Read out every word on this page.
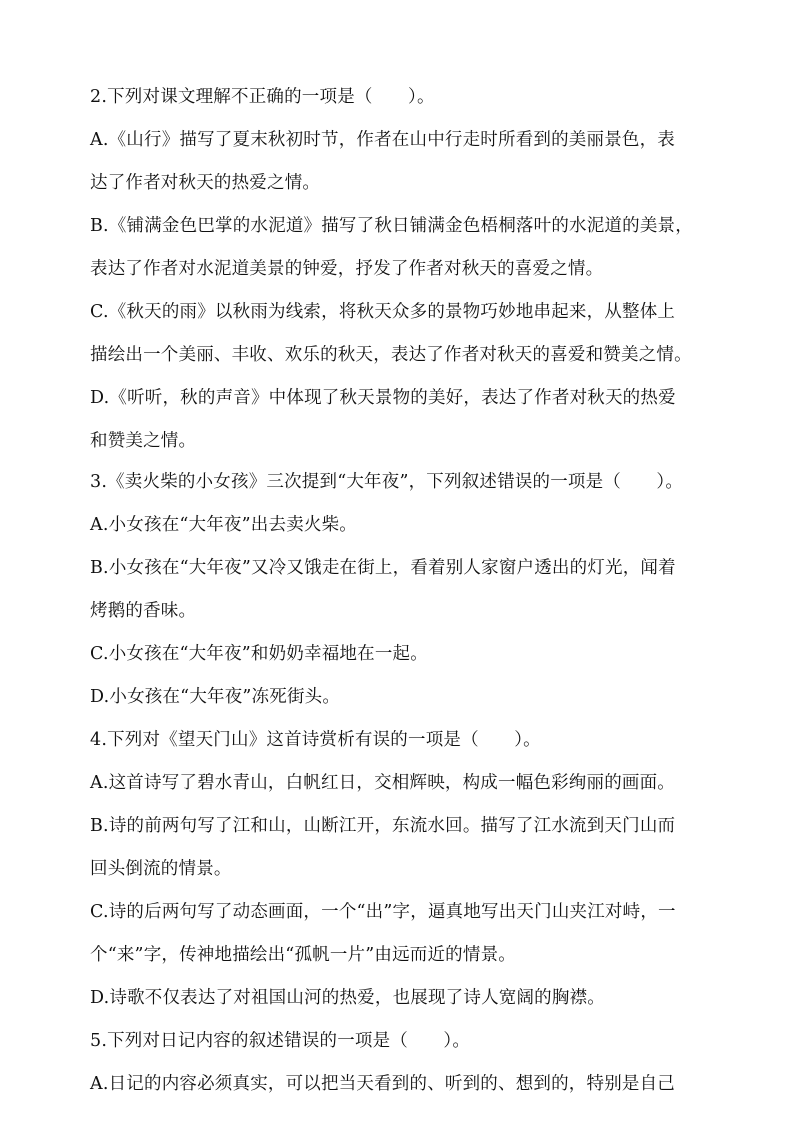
2.下列对课文理解不正确的一项是（　　）。
A.《山行》描写了夏末秋初时节，作者在山中行走时所看到的美丽景色，表
达了作者对秋天的热爱之情。
B.《铺满金色巴掌的水泥道》描写了秋日铺满金色梧桐落叶的水泥道的美景，
表达了作者对水泥道美景的钟爱，抒发了作者对秋天的喜爱之情。
C.《秋天的雨》以秋雨为线索，将秋天众多的景物巧妙地串起来，从整体上
描绘出一个美丽、丰收、欢乐的秋天，表达了作者对秋天的喜爱和赞美之情。
D.《听听，秋的声音》中体现了秋天景物的美好，表达了作者对秋天的热爱
和赞美之情。
3.《卖火柴的小女孩》三次提到“大年夜”，下列叙述错误的一项是（　　）。
A.小女孩在“大年夜”出去卖火柴。
B.小女孩在“大年夜”又冷又饿走在街上，看着别人家窗户透出的灯光，闻着
烤鹅的香味。
C.小女孩在“大年夜”和奶奶幸福地在一起。
D.小女孩在“大年夜”冻死街头。
4.下列对《望天门山》这首诗赏析有误的一项是（　　）。
A.这首诗写了碧水青山，白帆红日，交相辉映，构成一幅色彩绚丽的画面。
B.诗的前两句写了江和山，山断江开，东流水回。描写了江水流到天门山而
回头倒流的情景。
C.诗的后两句写了动态画面，一个“出”字，逼真地写出天门山夹江对峙，一
个“来”字，传神地描绘出“孤帆一片”由远而近的情景。
D.诗歌不仅表达了对祖国山河的热爱，也展现了诗人宽阔的胸襟。
5.下列对日记内容的叙述错误的一项是（　　）。
A.日记的内容必须真实，可以把当天看到的、听到的、想到的，特别是自己
